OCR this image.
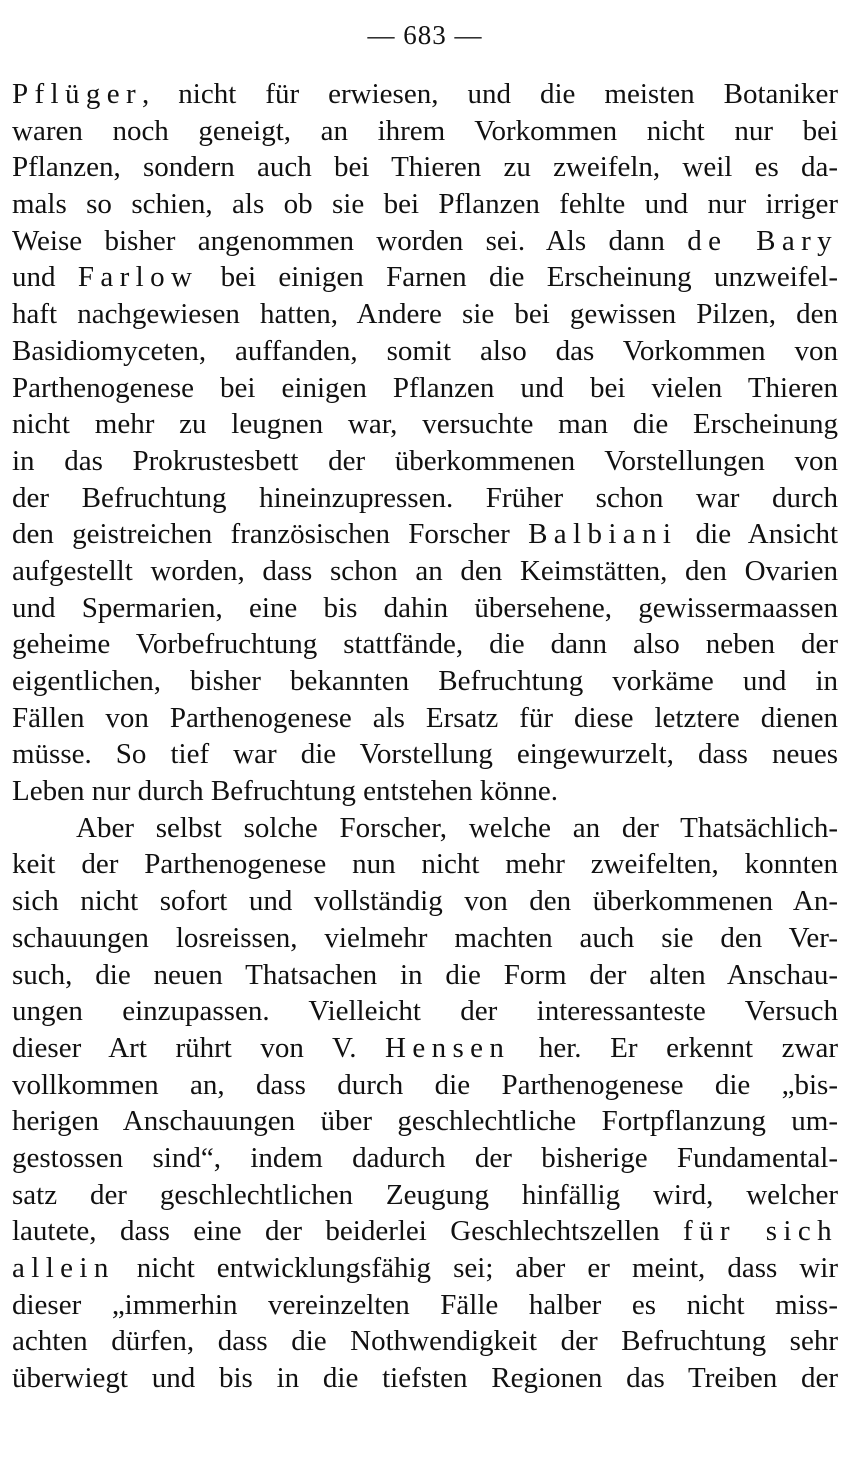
— 683 —
Pflüger, nicht für erwiesen, und die meisten Botaniker
waren noch geneigt, an ihrem Vorkommen nicht nur bei
Pflanzen, sondern auch bei Thieren zu zweifeln, weil es da-
mals so schien, als ob sie bei Pflanzen fehlte und nur irriger
Weise bisher angenommen worden sei. Als dann de Bary
und Farlow bei einigen Farnen die Erscheinung unzweifel-
haft nachgewiesen hatten, Andere sie bei gewissen Pilzen, den
Basidiomyceten, auffanden, somit also das Vorkommen von
Parthenogenese bei einigen Pflanzen und bei vielen Thieren
nicht mehr zu leugnen war, versuchte man die Erscheinung
in das Prokrustesbett der überkommenen Vorstellungen von
der Befruchtung hineinzupressen. Früher schon war durch
den geistreichen französischen Forscher Balbiani die Ansicht
aufgestellt worden, dass schon an den Keimstätten, den Ovarien
und Spermarien, eine bis dahin übersehene, gewissermaassen
geheime Vorbefruchtung stattfände, die dann also neben der
eigentlichen, bisher bekannten Befruchtung vorkäme und in
Fällen von Parthenogenese als Ersatz für diese letztere dienen
müsse. So tief war die Vorstellung eingewurzelt, dass neues
Leben nur durch Befruchtung entstehen könne.
Aber selbst solche Forscher, welche an der Thatsächlich-
keit der Parthenogenese nun nicht mehr zweifelten, konnten
sich nicht sofort und vollständig von den überkommenen An-
schauungen losreissen, vielmehr machten auch sie den Ver-
such, die neuen Thatsachen in die Form der alten Anschau-
ungen einzupassen. Vielleicht der interessanteste Versuch
dieser Art rührt von V. Hensen her. Er erkennt zwar
vollkommen an, dass durch die Parthenogenese die „bis-
herigen Anschauungen über geschlechtliche Fortpflanzung um-
gestossen sind“, indem dadurch der bisherige Fundamental-
satz der geschlechtlichen Zeugung hinfällig wird, welcher
lautete, dass eine der beiderlei Geschlechtszellen für sich
allein nicht entwicklungsfähig sei; aber er meint, dass wir
dieser „immerhin vereinzelten Fälle halber es nicht miss-
achten dürfen, dass die Nothwendigkeit der Befruchtung sehr
überwiegt und bis in die tiefsten Regionen das Treiben der
